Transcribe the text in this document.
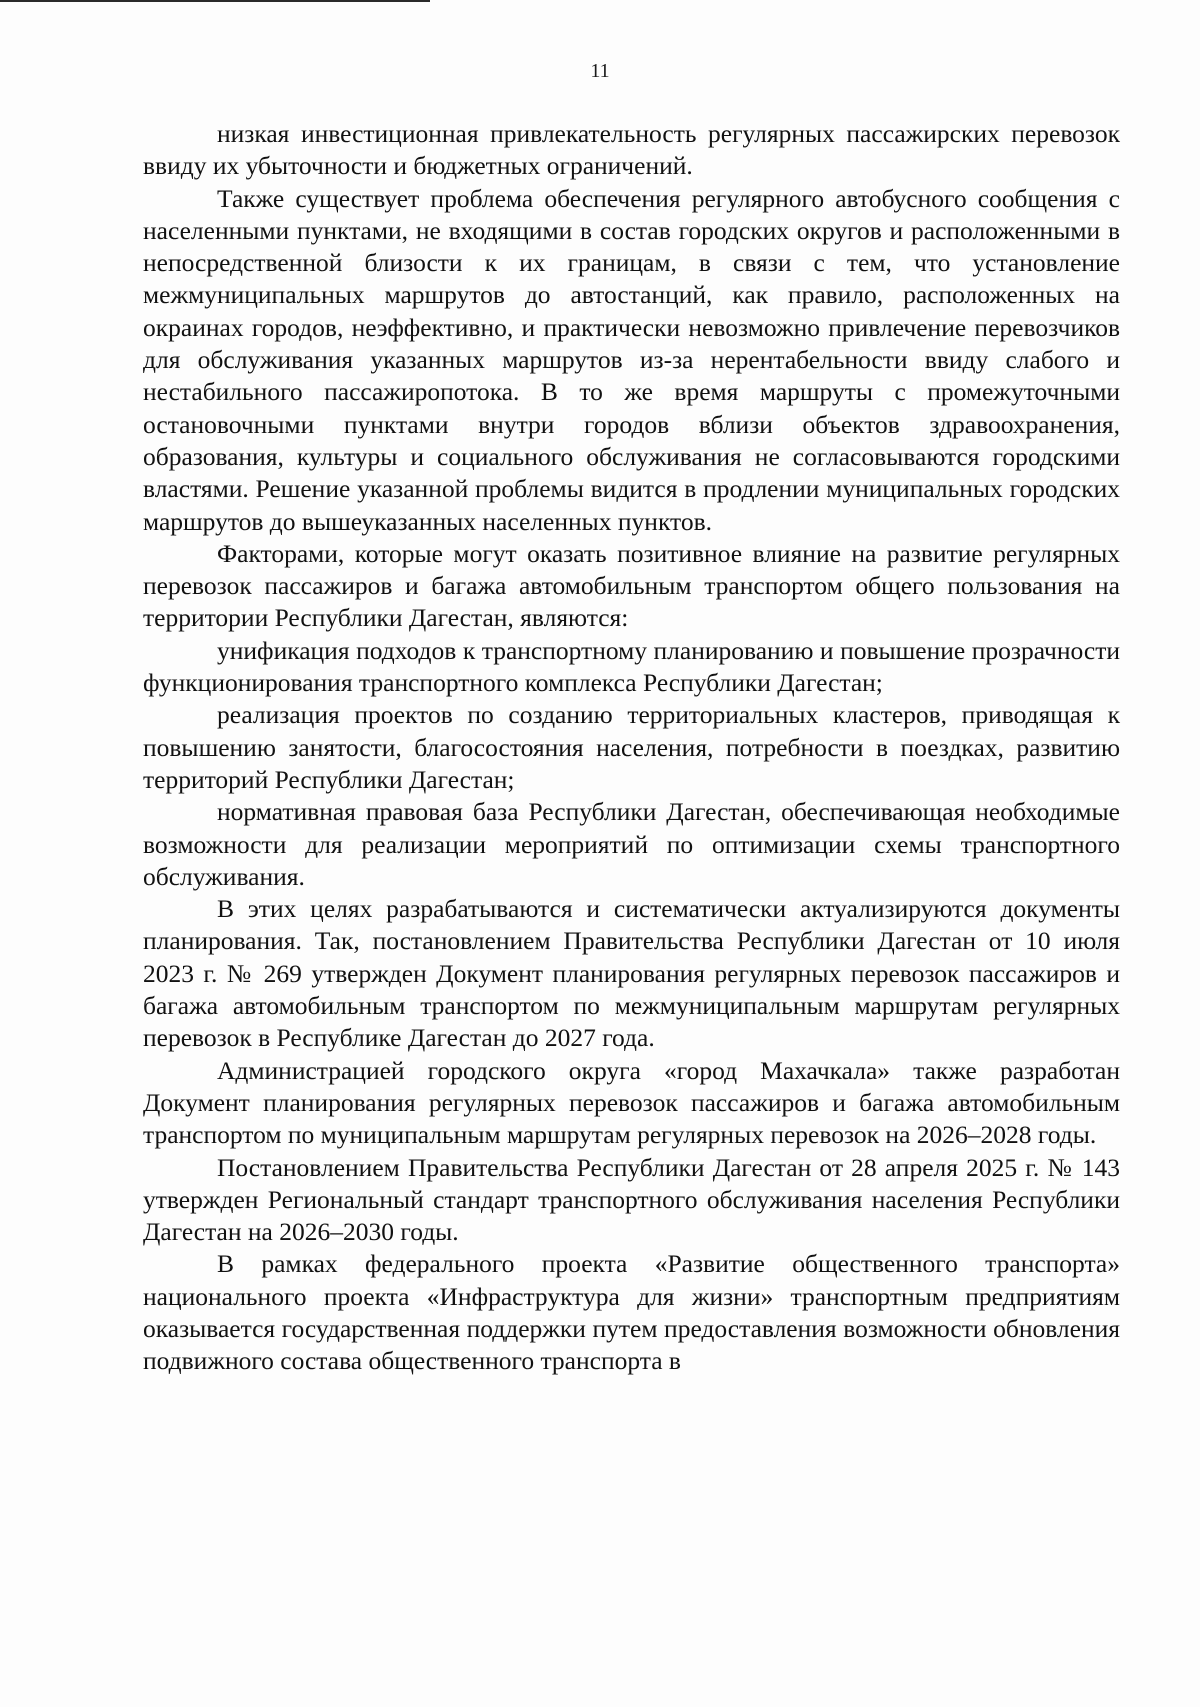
11

низкая инвестиционная привлекательность регулярных пассажирских перевозок ввиду их убыточности и бюджетных ограничений.

Также существует проблема обеспечения регулярного автобусного сообщения с населенными пунктами, не входящими в состав городских округов и расположенными в непосредственной близости к их границам, в связи с тем, что установление межмуниципальных маршрутов до автостанций, как правило, расположенных на окраинах городов, неэффективно, и практически невозможно привлечение перевозчиков для обслуживания указанных маршрутов из-за нерентабельности ввиду слабого и нестабильного пассажиропотока. В то же время маршруты с промежуточными остановочными пунктами внутри городов вблизи объектов здравоохранения, образования, культуры и социального обслуживания не согласовываются городскими властями. Решение указанной проблемы видится в продлении муниципальных городских маршрутов до вышеуказанных населенных пунктов.

Факторами, которые могут оказать позитивное влияние на развитие регулярных перевозок пассажиров и багажа автомобильным транспортом общего пользования на территории Республики Дагестан, являются:

унификация подходов к транспортному планированию и повышение прозрачности функционирования транспортного комплекса Республики Дагестан;

реализация проектов по созданию территориальных кластеров, приводящая к повышению занятости, благосостояния населения, потребности в поездках, развитию территорий Республики Дагестан;

нормативная правовая база Республики Дагестан, обеспечивающая необходимые возможности для реализации мероприятий по оптимизации схемы транспортного обслуживания.

В этих целях разрабатываются и систематически актуализируются документы планирования. Так, постановлением Правительства Республики Дагестан от 10 июля 2023 г. № 269 утвержден Документ планирования регулярных перевозок пассажиров и багажа автомобильным транспортом по межмуниципальным маршрутам регулярных перевозок в Республике Дагестан до 2027 года.

Администрацией городского округа «город Махачкала» также разработан Документ планирования регулярных перевозок пассажиров и багажа автомобильным транспортом по муниципальным маршрутам регулярных перевозок на 2026–2028 годы.

Постановлением Правительства Республики Дагестан от 28 апреля 2025 г. № 143 утвержден Региональный стандарт транспортного обслуживания населения Республики Дагестан на 2026–2030 годы.

В рамках федерального проекта «Развитие общественного транспорта» национального проекта «Инфраструктура для жизни» транспортным предприятиям оказывается государственная поддержки путем предоставления возможности обновления подвижного состава общественного транспорта в
